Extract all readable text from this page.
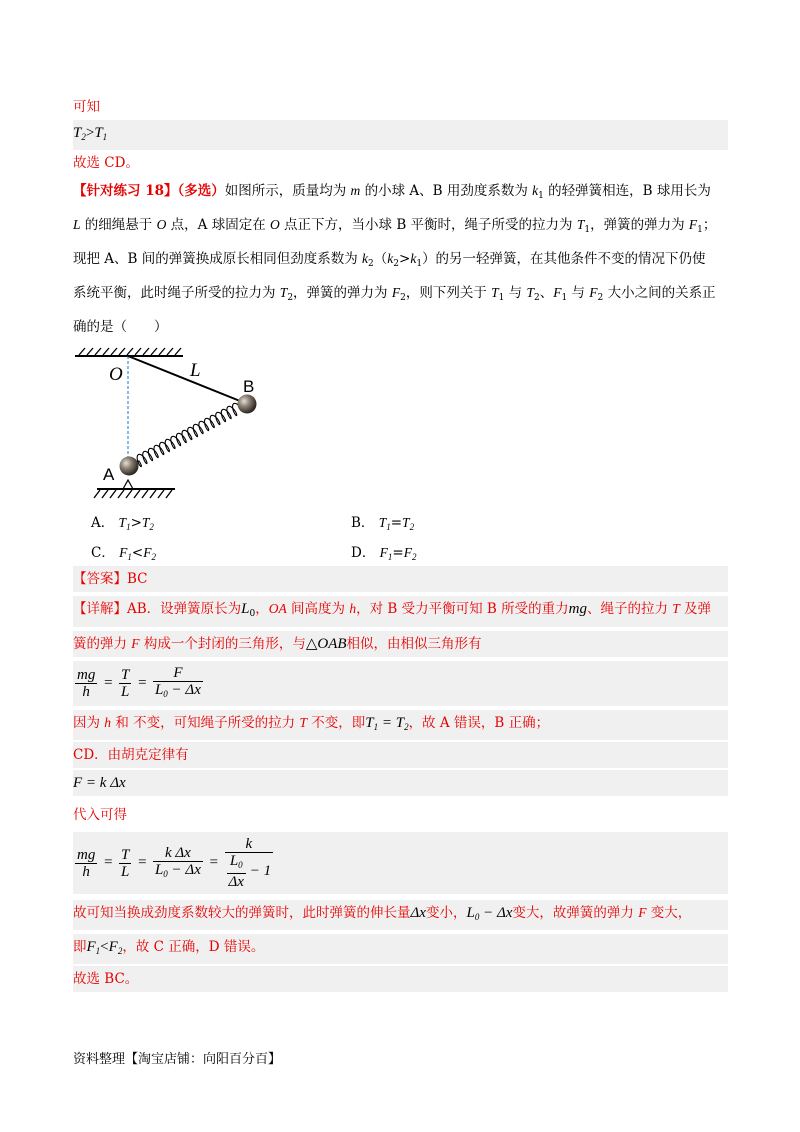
可知
$T_2>T_1$
故选 CD。
【针对练习 18】（多选）如图所示，质量均为 m 的小球 A、B 用劲度系数为 $k_1$ 的轻弹簧相连，B 球用长为
L 的细绳悬于 O 点，A 球固定在 O 点正下方，当小球 B 平衡时，绳子所受的拉力为 $T_1$，弹簧的弹力为 $F_1$；
现把 A、B 间的弹簧换成原长相同但劲度系数为 $k_2(k_2>k_1)$的另一轻弹簧，在其他条件不变的情况下仍使
系统平衡，此时绳子所受的拉力为 $T_2$，弹簧的弹力为 $F_2$，则下列关于 $T_1$ 与 $T_2$、$F_1$ 与 $F_2$ 大小之间的关系正
确的是（　　）
O	L
B
A
A． $T_1>T_2$	B． $T_1=T_2$
C． $F_1<F_2$	D． $F_1=F_2$
【答案】BC
【详解】AB．设弹簧原长为$L_0$，OA 间高度为 h，对 B 受力平衡可知 B 所受的重力mg、绳子的拉力 T 及弹
簧的弹力 F 构成一个封闭的三角形，与△OAB相似，由相似三角形有
$\frac{mg}{h} = \frac{T}{L} = \frac{F}{L_0 - \Delta x}$
因为 h 和 不变，可知绳子所受的拉力 T 不变，即$T_1 = T_2$，故 A 错误，B 正确；
CD．由胡克定律有
F = k Δx
代入可得
$\frac{mg}{h} = \frac{T}{L} = \frac{\text{k Δx}}{L_0 - \Delta x} = \frac{k}{\frac{L_0}{\Delta x} - 1}$
故可知当换成劲度系数较大的弹簧时，此时弹簧的伸长量Δx变小，$L_0 - \Delta x$变大，故弹簧的弹力 F 变大，
即$F_1<F_2$，故 C 正确，D 错误。
故选 BC。
资料整理【淘宝店铺：向阳百分百】
